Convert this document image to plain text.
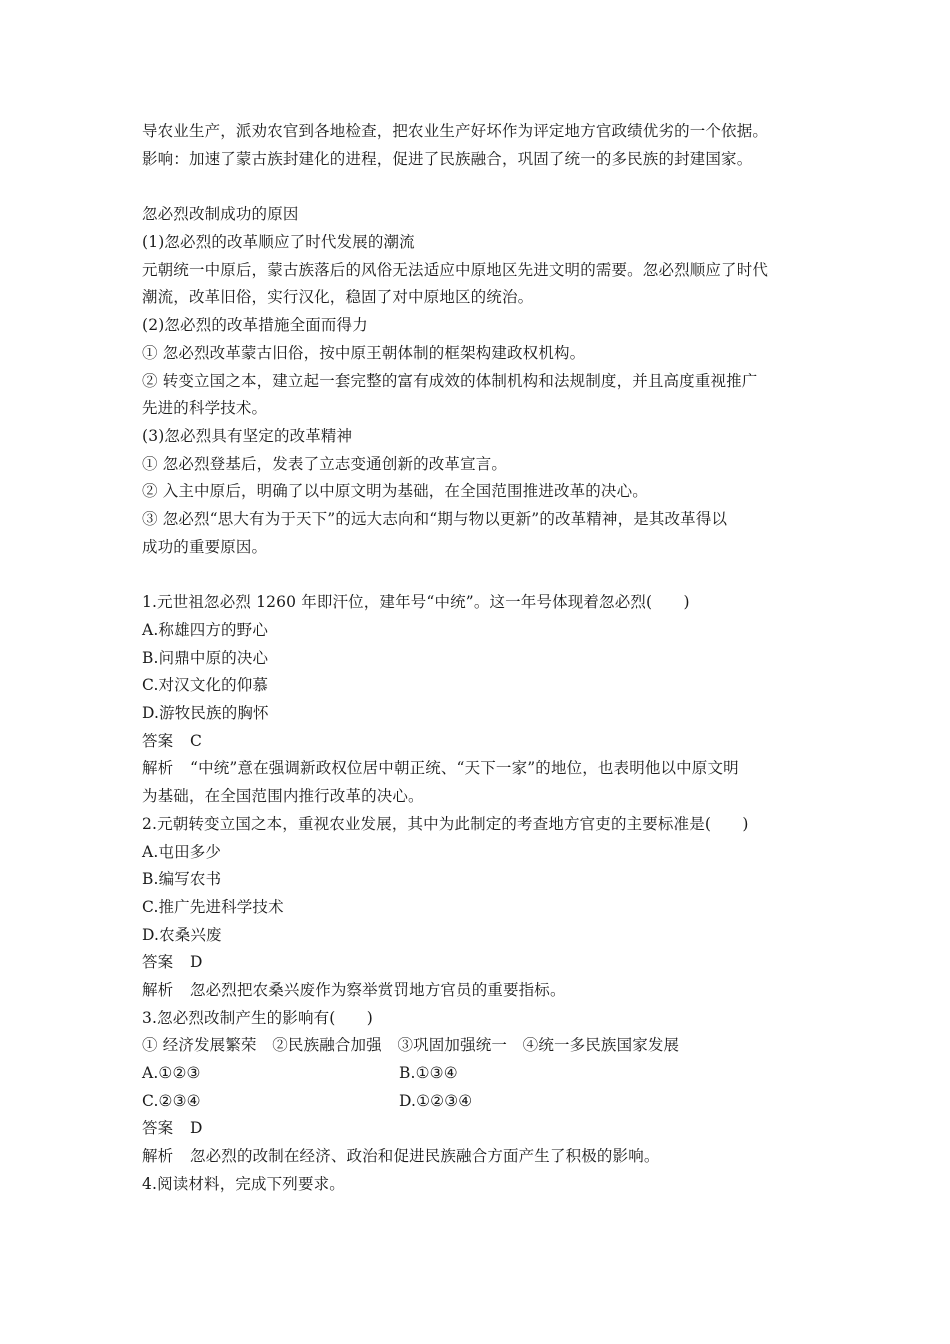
导农业生产，派劝农官到各地检查，把农业生产好坏作为评定地方官政绩优劣的一个依据。
影响：加速了蒙古族封建化的进程，促进了民族融合，巩固了统一的多民族的封建国家。
忽必烈改制成功的原因
(1)忽必烈的改革顺应了时代发展的潮流
元朝统一中原后，蒙古族落后的风俗无法适应中原地区先进文明的需要。忽必烈顺应了时代
潮流，改革旧俗，实行汉化，稳固了对中原地区的统治。
(2)忽必烈的改革措施全面而得力
① 忽必烈改革蒙古旧俗，按中原王朝体制的框架构建政权机构。
② 转变立国之本，建立起一套完整的富有成效的体制机构和法规制度，并且高度重视推广
先进的科学技术。
(3)忽必烈具有坚定的改革精神
① 忽必烈登基后，发表了立志变通创新的改革宣言。
② 入主中原后，明确了以中原文明为基础，在全国范围推进改革的决心。
③ 忽必烈“思大有为于天下”的远大志向和“期与物以更新”的改革精神，是其改革得以
成功的重要原因。
1.元世祖忽必烈 1260 年即汗位，建年号“中统”。这一年号体现着忽必烈(　　)
A.称雄四方的野心
B.问鼎中原的决心
C.对汉文化的仰慕
D.游牧民族的胸怀
答案 C
解析 “中统”意在强调新政权位居中朝正统、“天下一家”的地位，也表明他以中原文明
为基础，在全国范围内推行改革的决心。
2.元朝转变立国之本，重视农业发展，其中为此制定的考查地方官吏的主要标准是(　　)
A.屯田多少
B.编写农书
C.推广先进科学技术
D.农桑兴废
答案 D
解析 忽必烈把农桑兴废作为察举赏罚地方官员的重要指标。
3.忽必烈改制产生的影响有(　　)
① 经济发展繁荣　②民族融合加强　③巩固加强统一　④统一多民族国家发展
A.①②③	B.①③④
C.②③④	D.①②③④
答案 D
解析 忽必烈的改制在经济、政治和促进民族融合方面产生了积极的影响。
4.阅读材料，完成下列要求。
